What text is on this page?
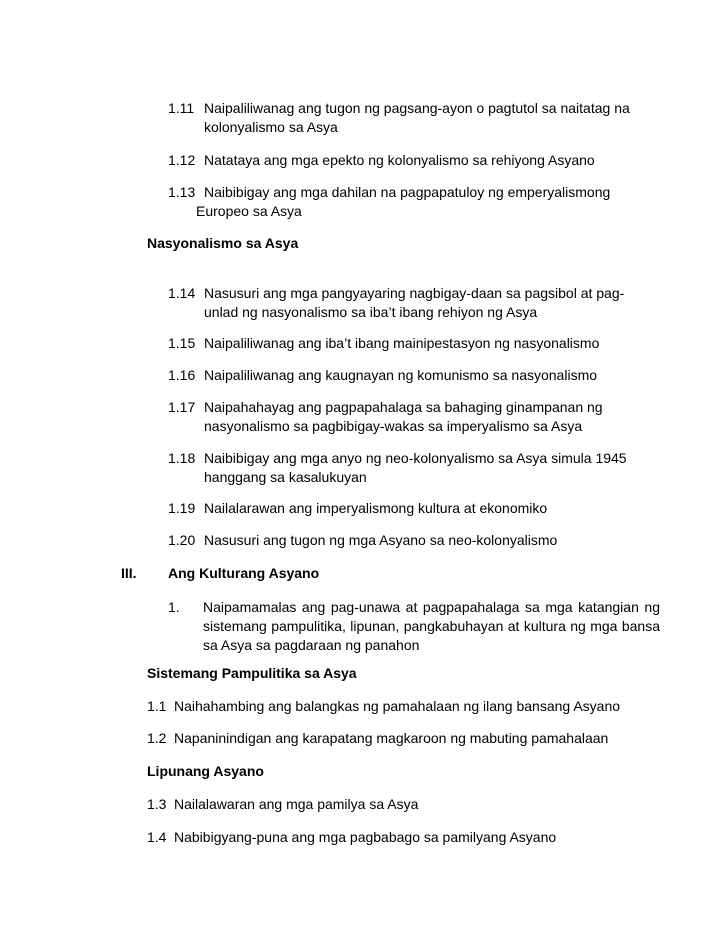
1.11 Naipaliliwanag ang tugon ng pagsang-ayon o pagtutol sa naitatag na
kolonyalismo sa Asya
1.12 Natataya ang mga epekto ng kolonyalismo sa rehiyong Asyano
1.13 Naibibigay ang mga dahilan na pagpapatuloy ng emperyalismong
Europeo sa Asya
Nasyonalismo sa Asya
1.14 Nasusuri ang mga pangyayaring nagbigay-daan sa pagsibol at pag-
unlad ng nasyonalismo sa iba’t ibang rehiyon ng Asya
1.15 Naipaliliwanag ang iba’t ibang mainipestasyon ng nasyonalismo
1.16 Naipaliliwanag ang kaugnayan ng komunismo sa nasyonalismo
1.17 Naipahahayag ang pagpapahalaga sa bahaging ginampanan ng
nasyonalismo sa pagbibigay-wakas sa imperyalismo sa Asya
1.18 Naibibigay ang mga anyo ng neo-kolonyalismo sa Asya simula 1945
hanggang sa kasalukuyan
1.19 Nailalarawan ang imperyalismong kultura at ekonomiko
1.20 Nasusuri ang tugon ng mga Asyano sa neo-kolonyalismo
III. Ang Kulturang Asyano
1. Naipamamalas ang pag-unawa at pagpapahalaga sa mga katangian ng sistemang pampulitika, lipunan, pangkabuhayan at kultura ng mga bansa sa Asya sa pagdaraan ng panahon
Sistemang Pampulitika sa Asya
1.1 Naihahambing ang balangkas ng pamahalaan ng ilang bansang Asyano
1.2 Napaninindigan ang karapatang magkaroon ng mabuting pamahalaan
Lipunang Asyano
1.3 Nailalawaran ang mga pamilya sa Asya
1.4 Nabibigyang-puna ang mga pagbabago sa pamilyang Asyano
